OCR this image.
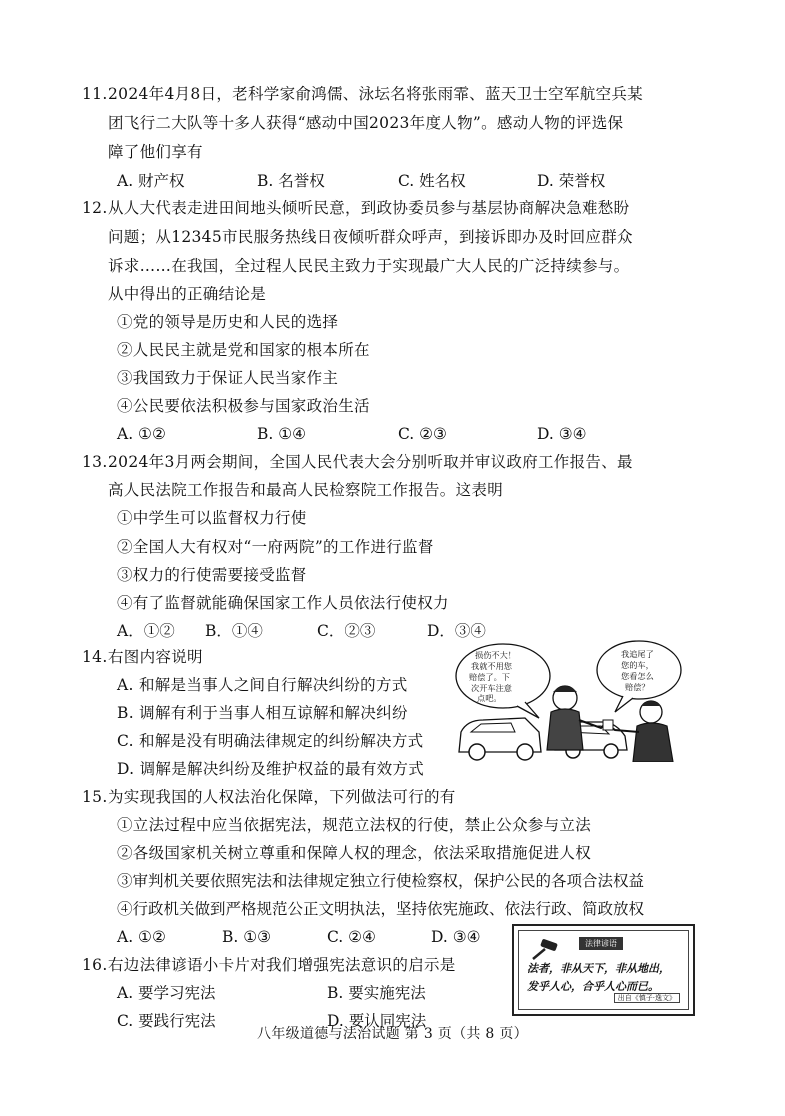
11.2024年4月8日，老科学家俞鸿儒、泳坛名将张雨霏、蓝天卫士空军航空兵某
团飞行二大队等十多人获得“感动中国2023年度人物”。感动人物的评选保
障了他们享有
A. 财产权	B. 名誉权	C. 姓名权	D. 荣誉权
12.从人大代表走进田间地头倾听民意，到政协委员参与基层协商解决急难愁盼
问题；从12345市民服务热线日夜倾听群众呼声，到接诉即办及时回应群众
诉求……在我国，全过程人民民主致力于实现最广大人民的广泛持续参与。
从中得出的正确结论是
①党的领导是历史和人民的选择
②人民民主就是党和国家的根本所在
③我国致力于保证人民当家作主
④公民要依法积极参与国家政治生活
A. ①②	B. ①④	C. ②③	D. ③④
13.2024年3月两会期间，全国人民代表大会分别听取并审议政府工作报告、最
高人民法院工作报告和最高人民检察院工作报告。这表明
①中学生可以监督权力行使
②全国人大有权对“一府两院”的工作进行监督
③权力的行使需要接受监督
④有了监督就能确保国家工作人员依法行使权力
A．①② B．①④	C．②③	D．③④
14.右图内容说明
A. 和解是当事人之间自行解决纠纷的方式
B. 调解有利于当事人相互谅解和解决纠纷
C. 和解是没有明确法律规定的纠纷解决方式
D. 调解是解决纠纷及维护权益的最有效方式
损伤不大！
我就不用您
赔偿了。下
次开车注意
点吧。
我追尾了
您的车，
您看怎么
赔偿？
15.为实现我国的人权法治化保障，下列做法可行的有
①立法过程中应当依据宪法，规范立法权的行使，禁止公众参与立法
②各级国家机关树立尊重和保障人权的理念，依法采取措施促进人权
③审判机关要依照宪法和法律规定独立行使检察权，保护公民的各项合法权益
④行政机关做到严格规范公正文明执法，坚持依宪施政、依法行政、简政放权
A. ①②	B. ①③	C. ②④	D. ③④
16.右边法律谚语小卡片对我们增强宪法意识的启示是
A. 要学习宪法	B. 要实施宪法
C. 要践行宪法	D. 要认同宪法
法律谚语
法者，非从天下，非从地出，
发乎人心，合乎人心而已。
出自《慎子·逸文》
八年级道德与法治试题 第 3 页（共 8 页）
